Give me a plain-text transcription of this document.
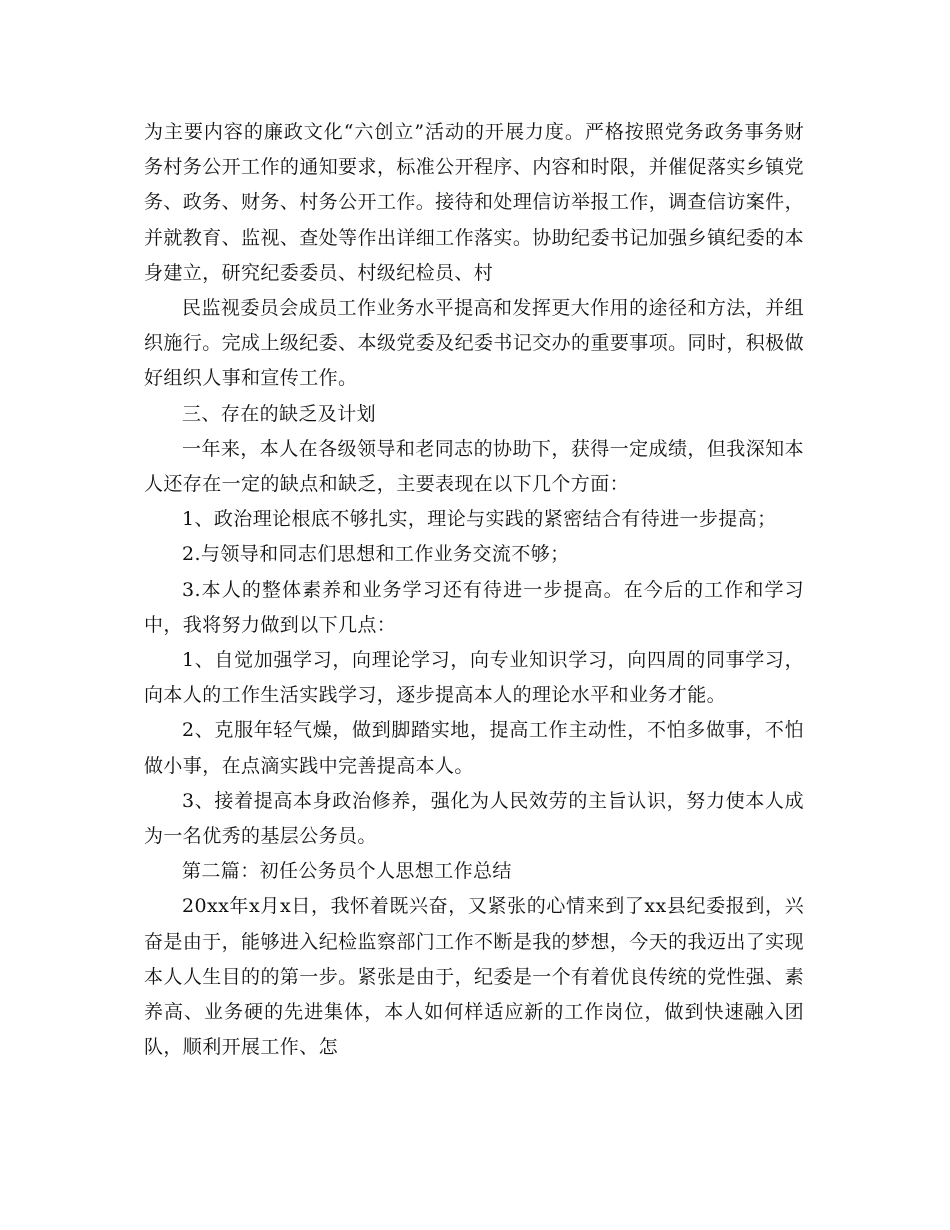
为主要内容的廉政文化“六创立”活动的开展力度。严格按照党务政务事务财务村务公开工作的通知要求，标准公开程序、内容和时限，并催促落实乡镇党务、政务、财务、村务公开工作。接待和处理信访举报工作，调查信访案件，并就教育、监视、查处等作出详细工作落实。协助纪委书记加强乡镇纪委的本身建立，研究纪委委员、村级纪检员、村

民监视委员会成员工作业务水平提高和发挥更大作用的途径和方法，并组织施行。完成上级纪委、本级党委及纪委书记交办的重要事项。同时，积极做好组织人事和宣传工作。

三、存在的缺乏及计划

一年来，本人在各级领导和老同志的协助下，获得一定成绩，但我深知本人还存在一定的缺点和缺乏，主要表现在以下几个方面：

1、政治理论根底不够扎实，理论与实践的紧密结合有待进一步提高；

2.与领导和同志们思想和工作业务交流不够；

3.本人的整体素养和业务学习还有待进一步提高。在今后的工作和学习中，我将努力做到以下几点：

1、自觉加强学习，向理论学习，向专业知识学习，向四周的同事学习，向本人的工作生活实践学习，逐步提高本人的理论水平和业务才能。

2、克服年轻气燥，做到脚踏实地，提高工作主动性，不怕多做事，不怕做小事，在点滴实践中完善提高本人。

3、接着提高本身政治修养，强化为人民效劳的主旨认识，努力使本人成为一名优秀的基层公务员。

第二篇：初任公务员个人思想工作总结

20xx年x月x日，我怀着既兴奋，又紧张的心情来到了xx县纪委报到，兴奋是由于，能够进入纪检监察部门工作不断是我的梦想，今天的我迈出了实现本人人生目的的第一步。紧张是由于，纪委是一个有着优良传统的党性强、素养高、业务硬的先进集体，本人如何样适应新的工作岗位，做到快速融入团队，顺利开展工作、怎
